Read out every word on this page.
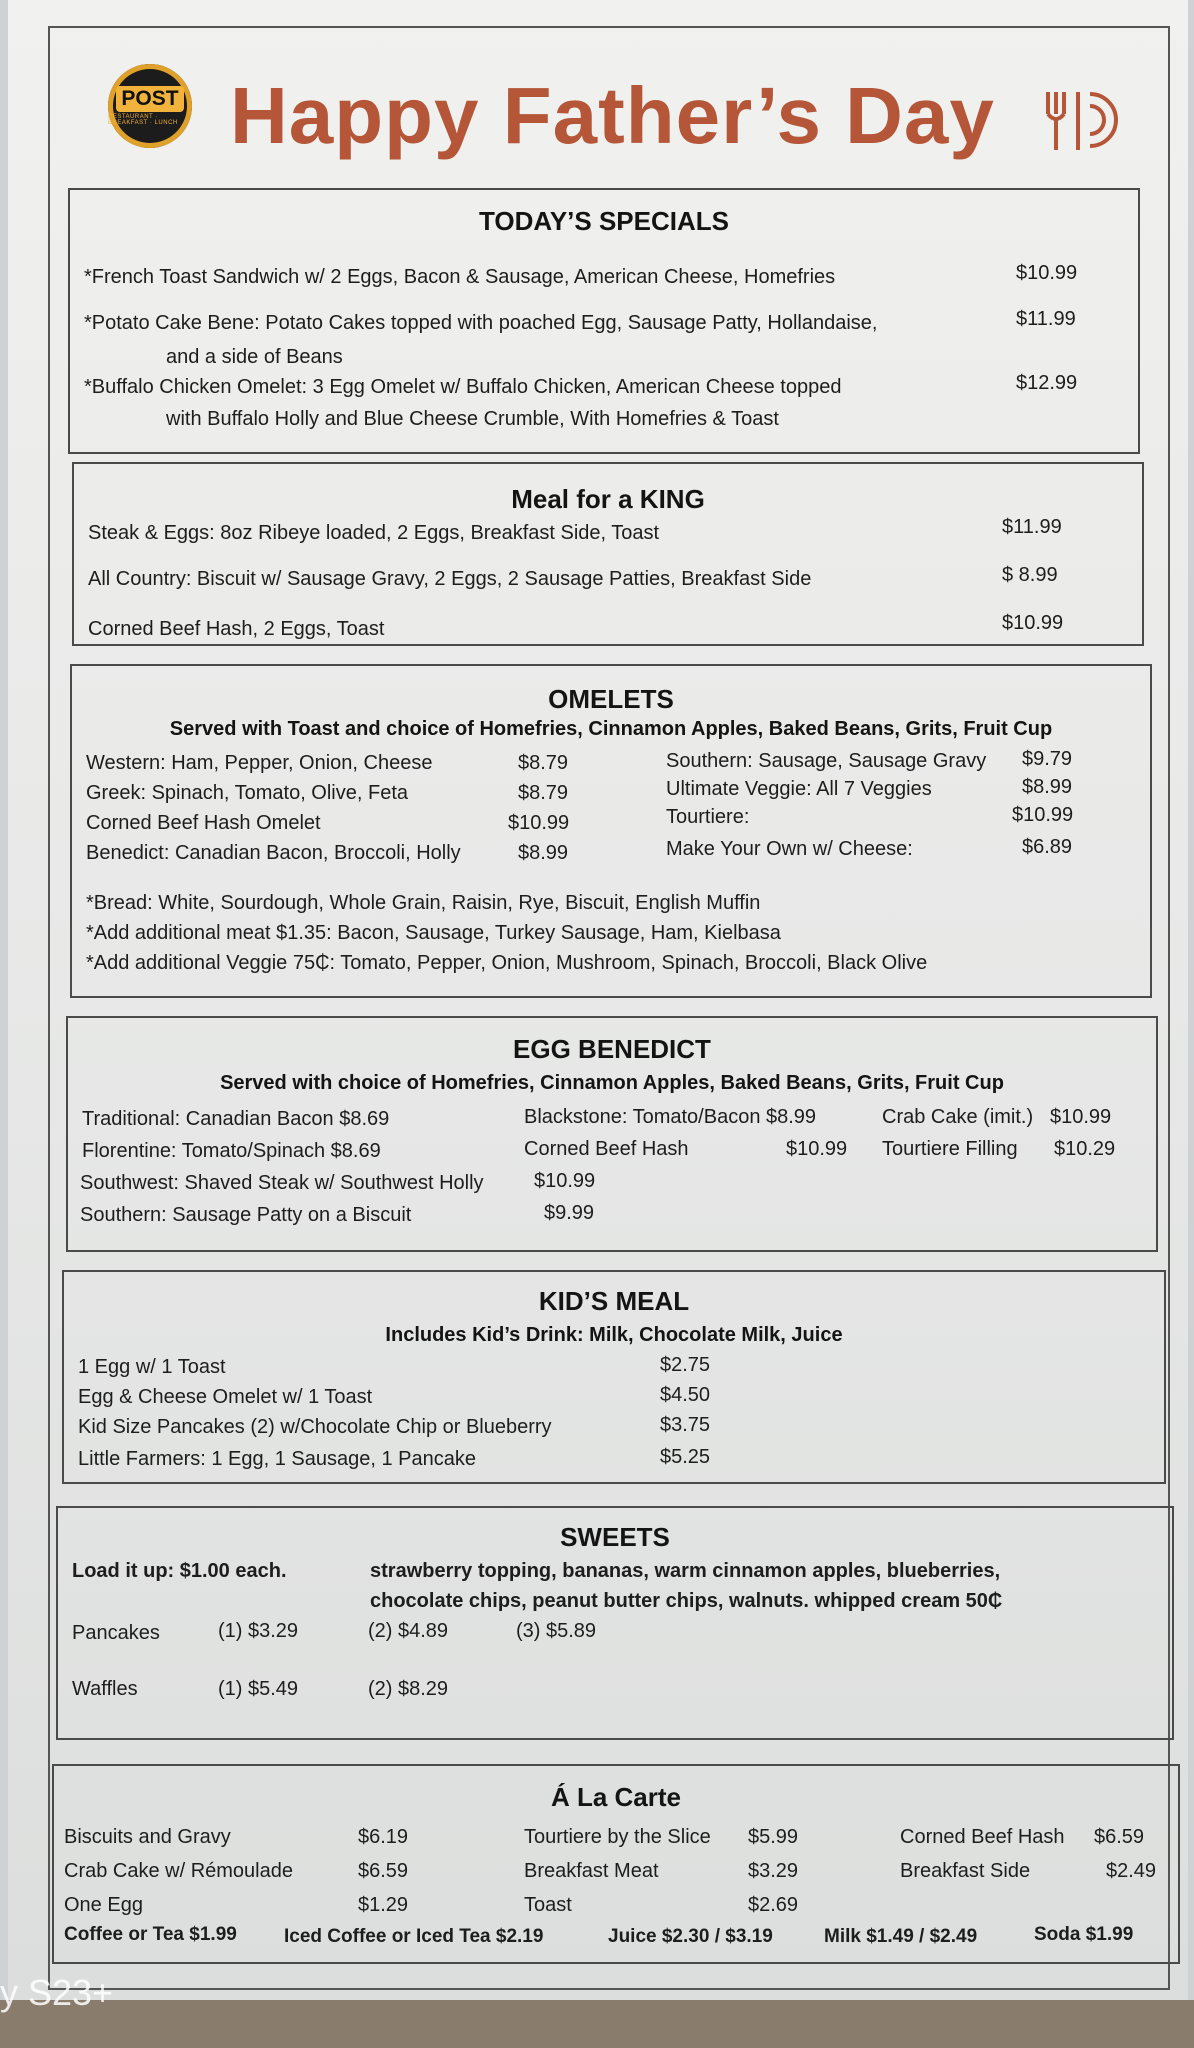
POST
RESTAURANT · BREAKFAST · LUNCH Happy Father’s Day
TODAY’S SPECIALS
*French Toast Sandwich w/ 2 Eggs, Bacon & Sausage, American Cheese, Homefries	$10.99
*Potato Cake Bene: Potato Cakes topped with poached Egg, Sausage Patty, Hollandaise,
and a side of Beans
$11.99
*Buffalo Chicken Omelet: 3 Egg Omelet w/ Buffalo Chicken, American Cheese topped
with Buffalo Holly and Blue Cheese Crumble, With Homefries & Toast
$12.99
Meal for a KING
Steak & Eggs: 8oz Ribeye loaded, 2 Eggs, Breakfast Side, Toast	$11.99
All Country: Biscuit w/ Sausage Gravy, 2 Eggs, 2 Sausage Patties, Breakfast Side	$ 8.99
Corned Beef Hash, 2 Eggs, Toast	$10.99
OMELETS
Served with Toast and choice of Homefries, Cinnamon Apples, Baked Beans, Grits, Fruit Cup
Western: Ham, Pepper, Onion, Cheese	$8.79
Greek: Spinach, Tomato, Olive, Feta	$8.79
Corned Beef Hash Omelet	$10.99
Benedict: Canadian Bacon, Broccoli, Holly	$8.99
Southern: Sausage, Sausage Gravy $9.79
Ultimate Veggie: All 7 Veggies	$8.99
Tourtiere:	$10.99
Make Your Own w/ Cheese:	$6.89
*Bread: White, Sourdough, Whole Grain, Raisin, Rye, Biscuit, English Muffin
*Add additional meat $1.35: Bacon, Sausage, Turkey Sausage, Ham, Kielbasa
*Add additional Veggie 75₵: Tomato, Pepper, Onion, Mushroom, Spinach, Broccoli, Black Olive
EGG BENEDICT
Served with choice of Homefries, Cinnamon Apples, Baked Beans, Grits, Fruit Cup
Traditional: Canadian Bacon $8.69
Florentine: Tomato/Spinach $8.69
Blackstone: Tomato/Bacon $8.99
Corned Beef Hash	$10.99
Crab Cake (imit.) $10.99
Tourtiere Filling $10.29
Southwest: Shaved Steak w/ Southwest Holly	$10.99
Southern: Sausage Patty on a Biscuit	$9.99
KID’S MEAL
Includes Kid’s Drink: Milk, Chocolate Milk, Juice
1 Egg w/ 1 Toast	$2.75
Egg & Cheese Omelet w/ 1 Toast	$4.50
Kid Size Pancakes (2) w/Chocolate Chip or Blueberry	$3.75
Little Farmers: 1 Egg, 1 Sausage, 1 Pancake	$5.25
SWEETS
Load it up: $1.00 each.	strawberry topping, bananas, warm cinnamon apples, blueberries,
chocolate chips, peanut butter chips, walnuts. whipped cream 50₵
Pancakes	(1) $3.29	(2) $4.89	(3) $5.89
Waffles	(1) $5.49	(2) $8.29
Á La Carte
Biscuits and Gravy	$6.19
Crab Cake w/ Rémoulade	$6.59
One Egg	$1.29
Tourtiere by the Slice $5.99
Breakfast Meat	$3.29
Toast	$2.69
Corned Beef Hash $6.59
Breakfast Side	$2.49
Coffee or Tea $1.99 Iced Coffee or Iced Tea $2.19	Juice $2.30 / $3.19	Milk $1.49 / $2.49	Soda $1.99
y S23+
